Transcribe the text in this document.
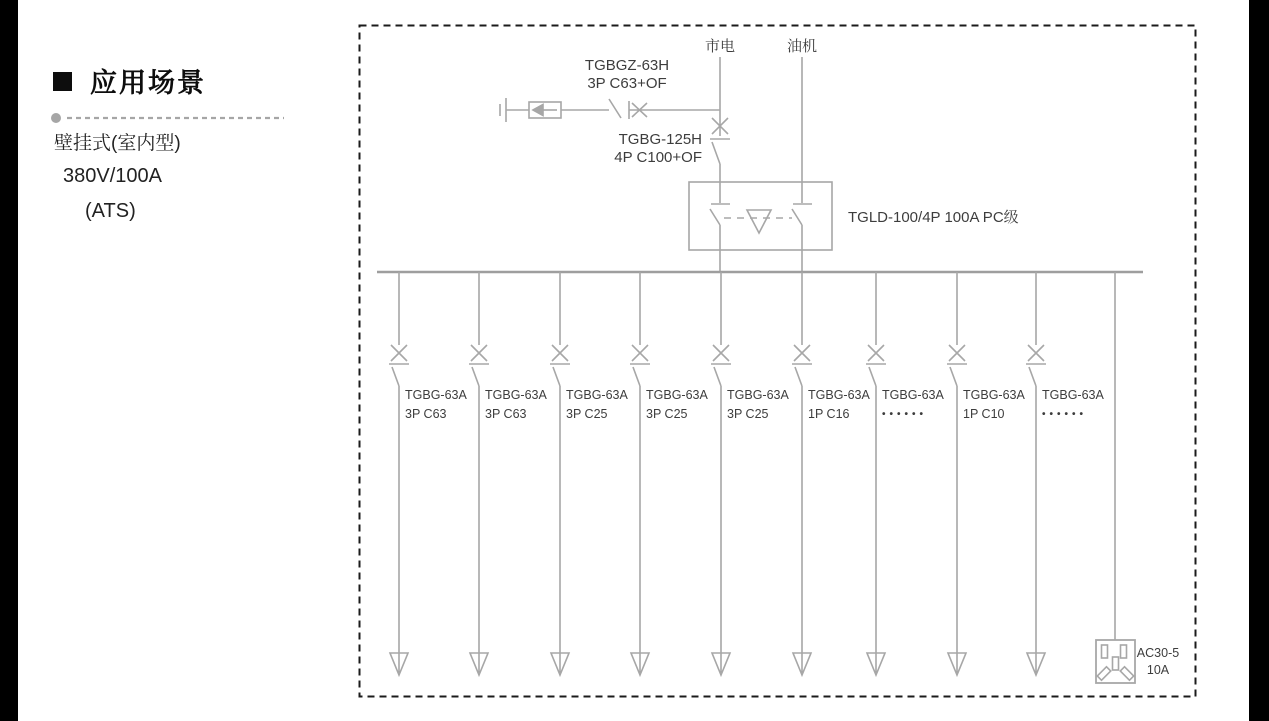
应用场景
壁挂式(室内型)
380V/100A
(ATS)
市电	油机
TGBGZ-63H
3P C63+OF
TGBG-125H
4P C100+OF
TGLD-100/4P 100A PC级
TGBG-63A
3P C63
TGBG-63A
3P C63
TGBG-63A
3P C25
TGBG-63A
3P C25
TGBG-63A
3P C25
TGBG-63A
1P C16
TGBG-63A
••••••
TGBG-63A
1P C10
TGBG-63A
••••••
AC30-5
10A
